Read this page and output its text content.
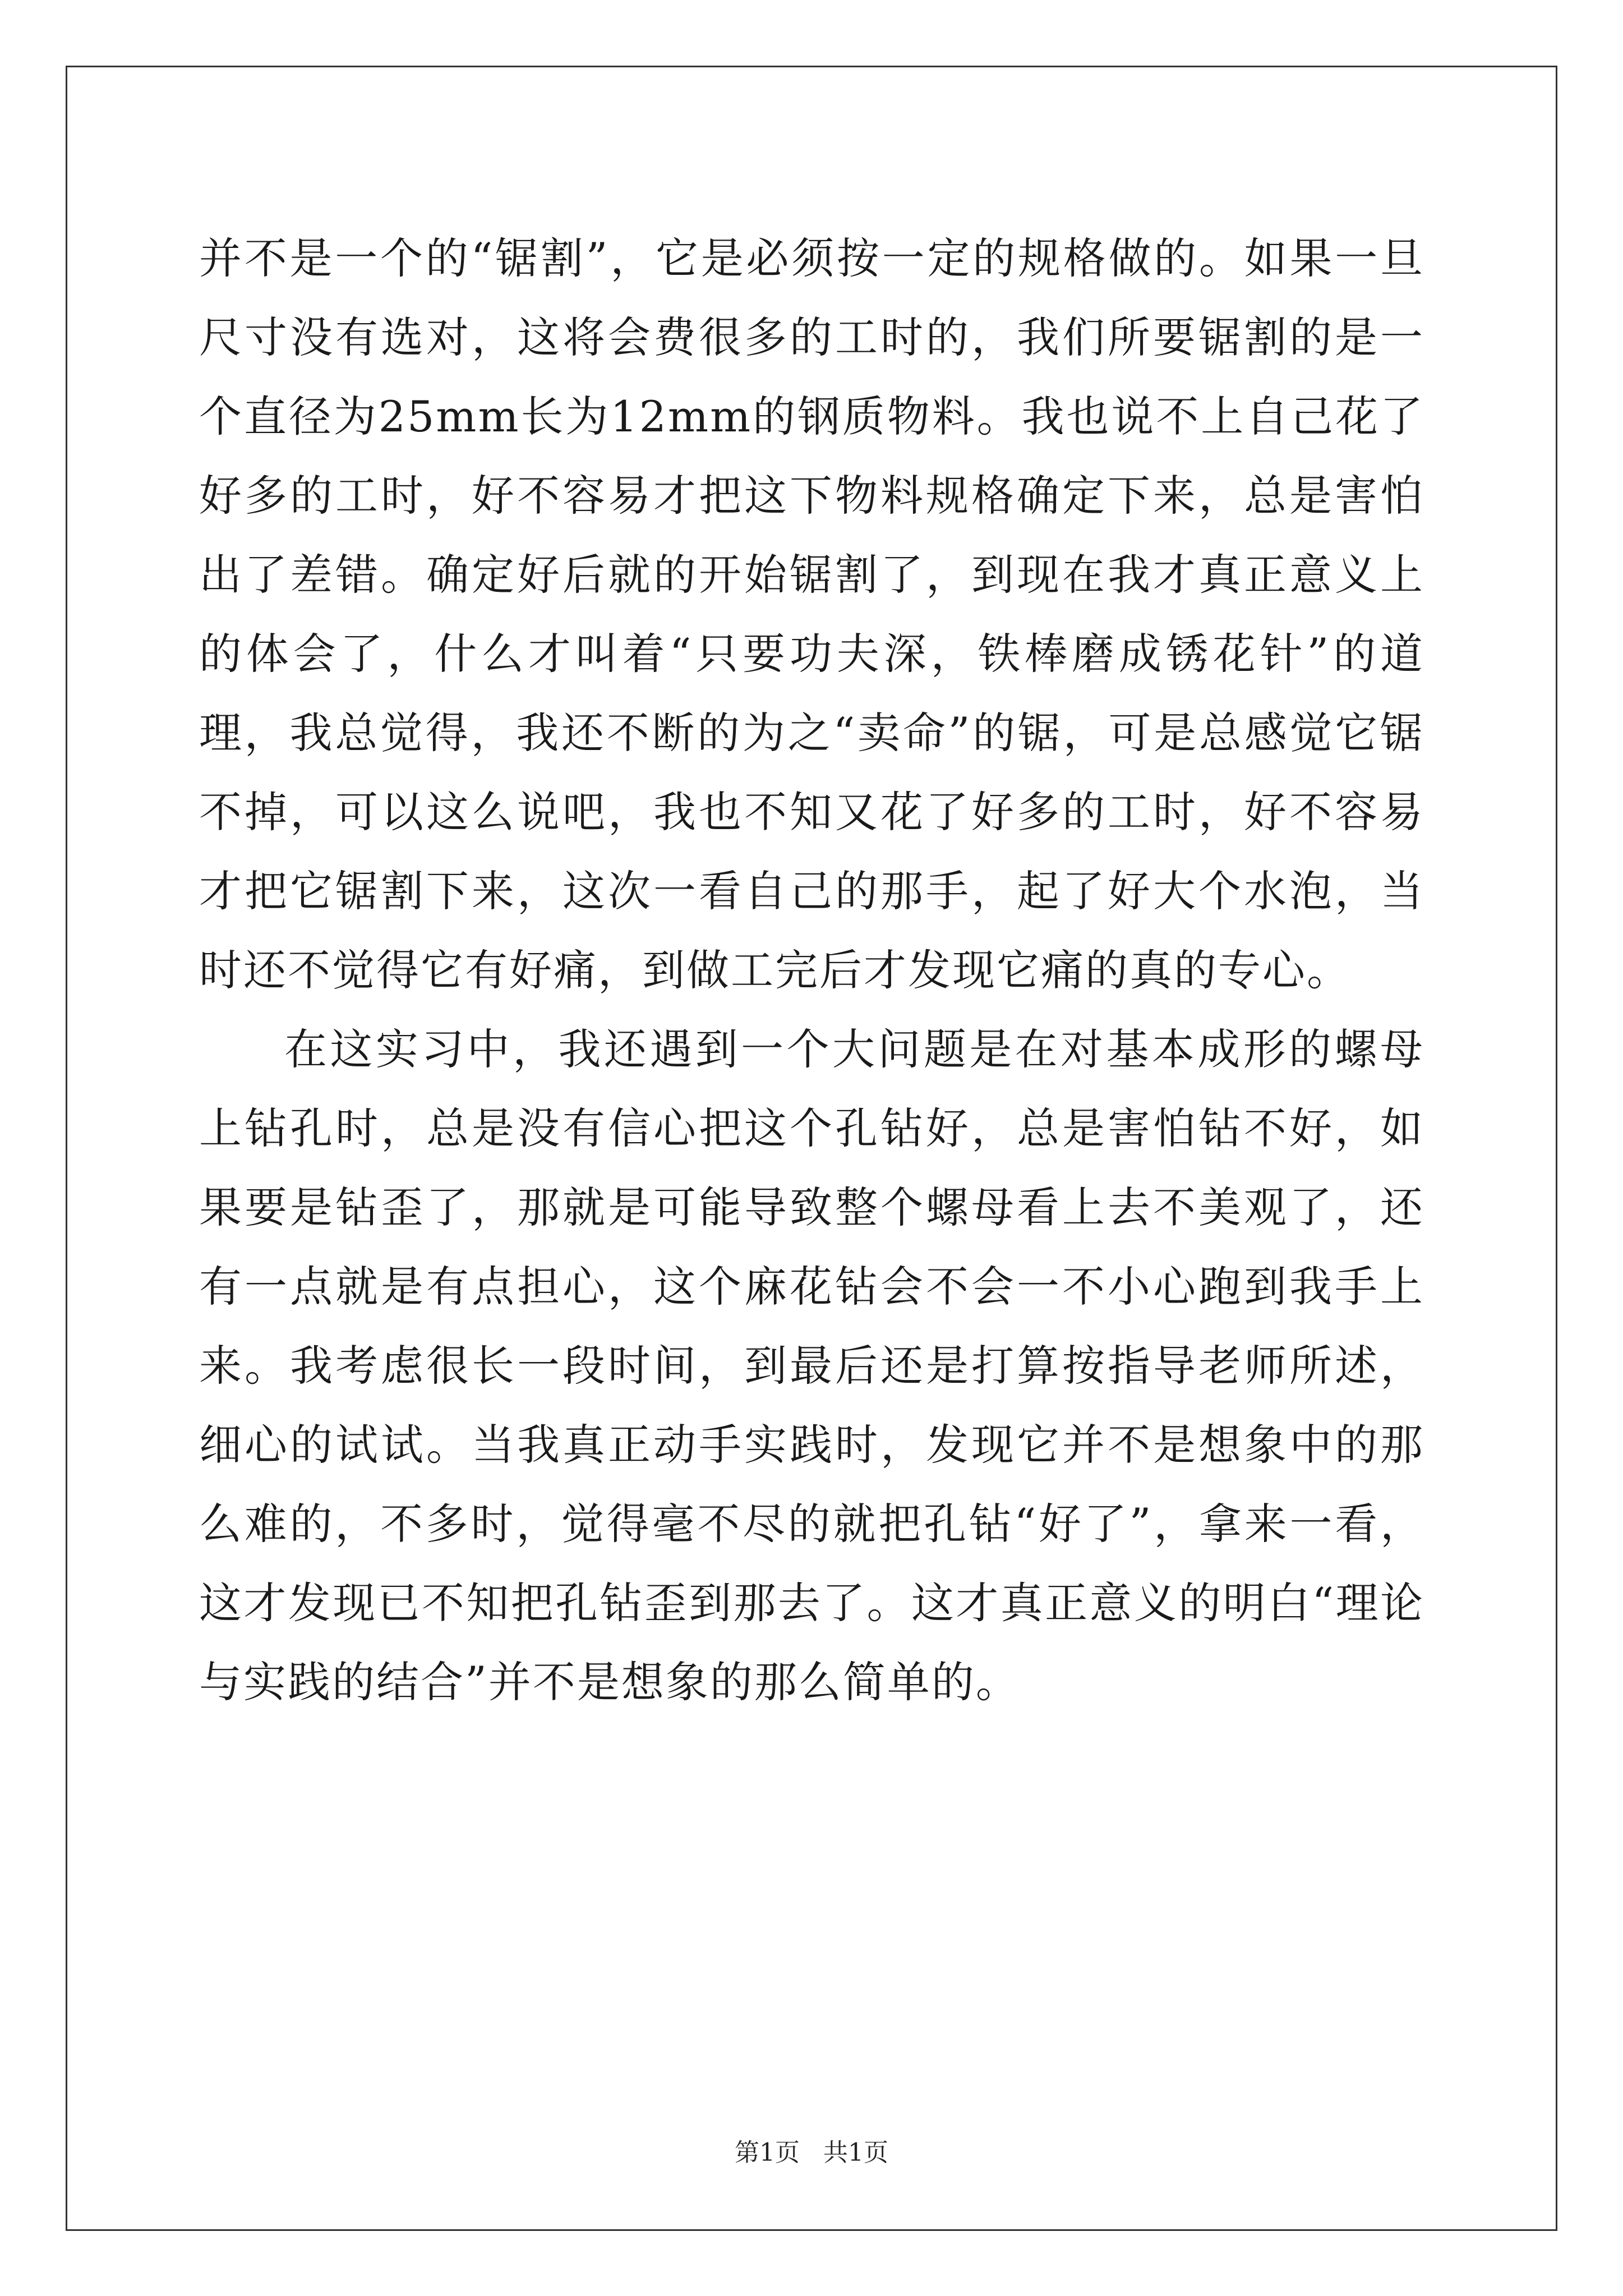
并不是一个的“锯割”，它是必须按一定的规格做的。如果一旦尺寸没有选对，这将会费很多的工时的，我们所要锯割的是一个直径为25mm长为12mm的钢质物料。我也说不上自己花了好多的工时，好不容易才把这下物料规格确定下来，总是害怕出了差错。确定好后就的开始锯割了，到现在我才真正意义上的体会了，什么才叫着“只要功夫深，铁棒磨成锈花针”的道理，我总觉得，我还不断的为之“卖命”的锯，可是总感觉它锯不掉，可以这么说吧，我也不知又花了好多的工时，好不容易才把它锯割下来，这次一看自己的那手，起了好大个水泡，当时还不觉得它有好痛，到做工完后才发现它痛的真的专心。

在这实习中，我还遇到一个大问题是在对基本成形的螺母上钻孔时，总是没有信心把这个孔钻好，总是害怕钻不好，如果要是钻歪了，那就是可能导致整个螺母看上去不美观了，还有一点就是有点担心，这个麻花钻会不会一不小心跑到我手上来。我考虑很长一段时间，到最后还是打算按指导老师所述，细心的试试。当我真正动手实践时，发现它并不是想象中的那么难的，不多时，觉得毫不尽的就把孔钻“好了”，拿来一看，这才发现已不知把孔钻歪到那去了。这才真正意义的明白“理论与实践的结合”并不是想象的那么简单的。

第1页 共1页
